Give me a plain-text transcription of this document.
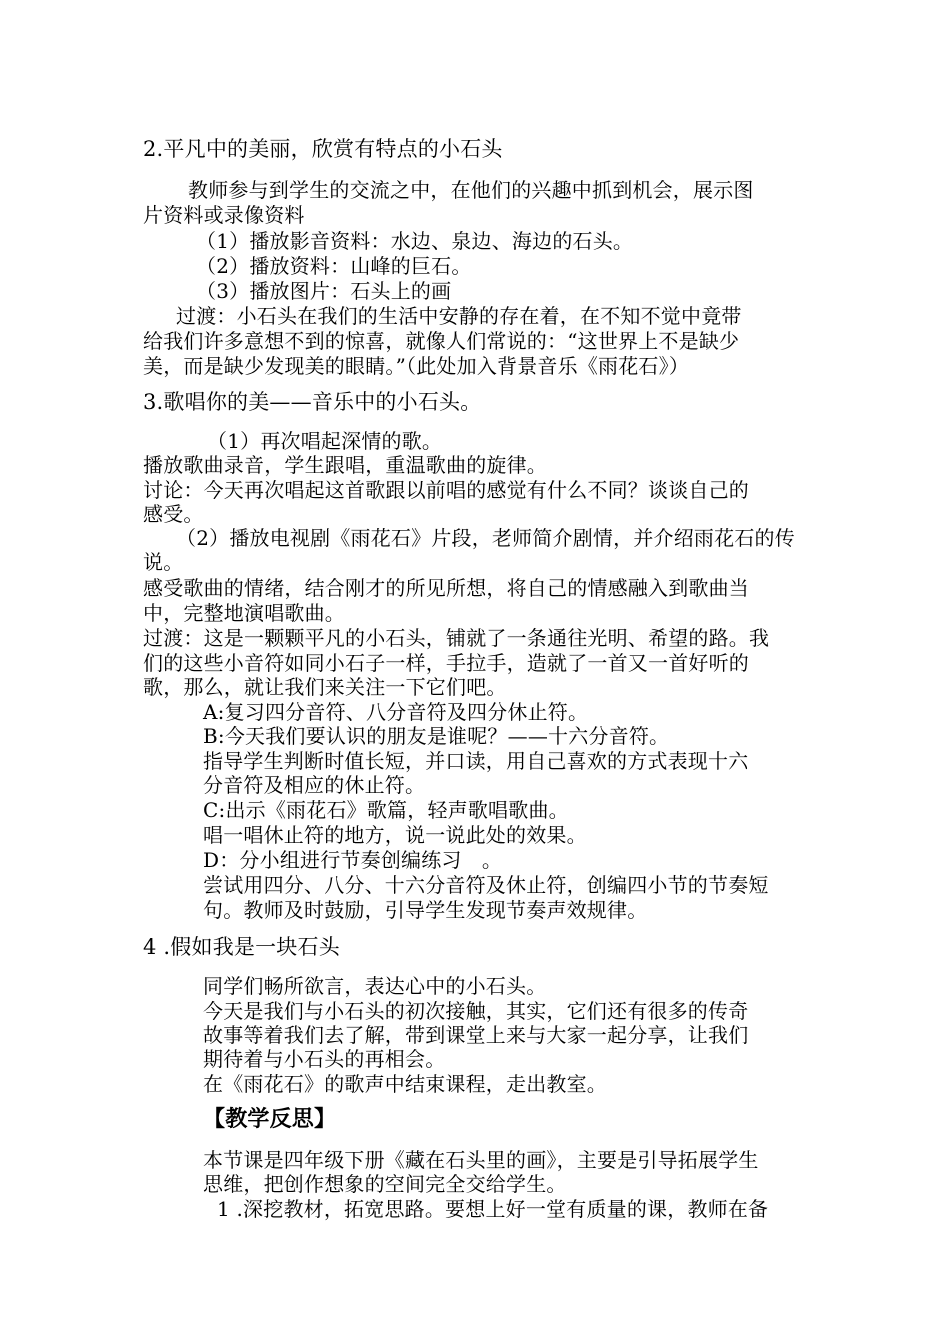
2.平凡中的美丽，欣赏有特点的小石头
教师参与到学生的交流之中，在他们的兴趣中抓到机会，展示图
片资料或录像资料
（1）播放影音资料：水边、泉边、海边的石头。
（2）播放资料：山峰的巨石。
（3）播放图片：石头上的画
过渡：小石头在我们的生活中安静的存在着，在不知不觉中竟带
给我们许多意想不到的惊喜，就像人们常说的：“这世界上不是缺少
美，而是缺少发现美的眼睛。”（此处加入背景音乐《雨花石》）
3.歌唱你的美——音乐中的小石头。
（1）再次唱起深情的歌。
播放歌曲录音，学生跟唱，重温歌曲的旋律。
讨论：今天再次唱起这首歌跟以前唱的感觉有什么不同？谈谈自己的
感受。
（2）播放电视剧《雨花石》片段，老师简介剧情，并介绍雨花石的传
说。
感受歌曲的情绪，结合刚才的所见所想，将自己的情感融入到歌曲当
中，完整地演唱歌曲。
过渡：这是一颗颗平凡的小石头，铺就了一条通往光明、希望的路。我
们的这些小音符如同小石子一样，手拉手，造就了一首又一首好听的
歌，那么，就让我们来关注一下它们吧。
A:复习四分音符、八分音符及四分休止符。
B:今天我们要认识的朋友是谁呢？——十六分音符。
指导学生判断时值长短，并口读，用自己喜欢的方式表现十六
分音符及相应的休止符。
C:出示《雨花石》歌篇，轻声歌唱歌曲。
唱一唱休止符的地方，说一说此处的效果。
D：分小组进行节奏创编练习　。
尝试用四分、八分、十六分音符及休止符，创编四小节的节奏短
句。教师及时鼓励，引导学生发现节奏声效规律。
4 .假如我是一块石头
同学们畅所欲言，表达心中的小石头。
今天是我们与小石头的初次接触，其实，它们还有很多的传奇
故事等着我们去了解，带到课堂上来与大家一起分享，让我们
期待着与小石头的再相会。
在《雨花石》的歌声中结束课程，走出教室。
【教学反思】
本节课是四年级下册《藏在石头里的画》，主要是引导拓展学生
思维，把创作想象的空间完全交给学生。
1 .深挖教材，拓宽思路。要想上好一堂有质量的课，教师在备
